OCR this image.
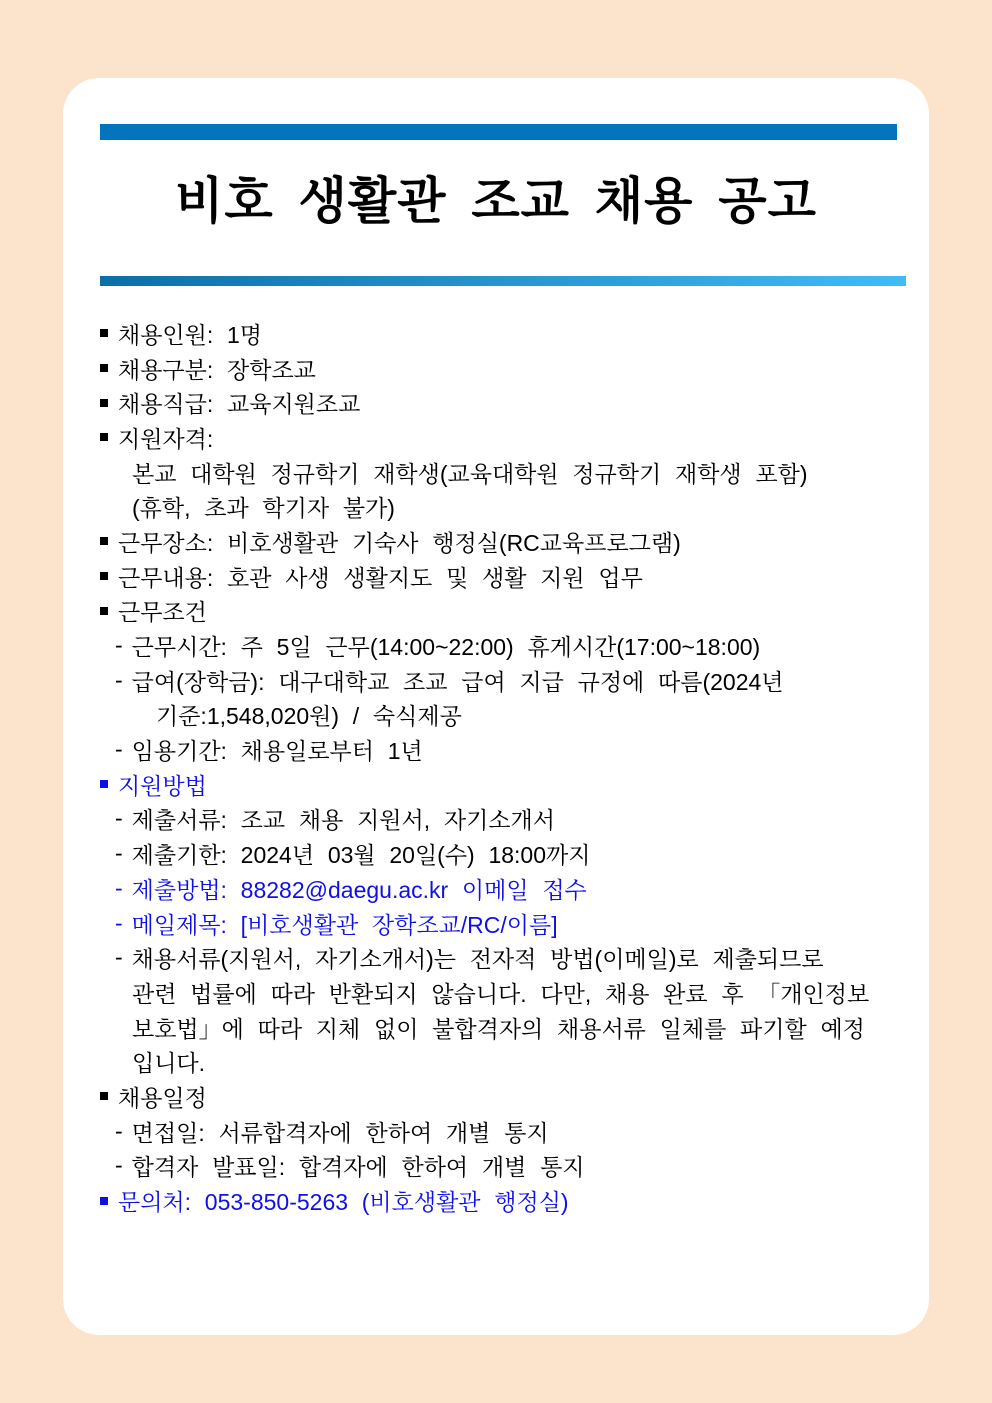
비호 생활관 조교 채용 공고
채용인원: 1명
채용구분: 장학조교
채용직급: 교육지원조교
지원자격:
본교 대학원 정규학기 재학생(교육대학원 정규학기 재학생 포함)
(휴학, 초과 학기자 불가)
근무장소: 비호생활관 기숙사 행정실(RC교육프로그램)
근무내용: 호관 사생 생활지도 및 생활 지원 업무
근무조건
- 근무시간: 주 5일 근무(14:00~22:00) 휴게시간(17:00~18:00)
- 급여(장학금): 대구대학교 조교 급여 지급 규정에 따름(2024년
기준:1,548,020원) / 숙식제공
- 임용기간: 채용일로부터 1년
지원방법
- 제출서류: 조교 채용 지원서, 자기소개서
- 제출기한: 2024년 03월 20일(수) 18:00까지
- 제출방법: 88282@daegu.ac.kr 이메일 접수
- 메일제목: [비호생활관 장학조교/RC/이름]
- 채용서류(지원서, 자기소개서)는 전자적 방법(이메일)로 제출되므로
관련 법률에 따라 반환되지 않습니다. 다만, 채용 완료 후 「개인정보
보호법」에 따라 지체 없이 불합격자의 채용서류 일체를 파기할 예정
입니다.
채용일정
- 면접일: 서류합격자에 한하여 개별 통지
- 합격자 발표일: 합격자에 한하여 개별 통지
문의처: 053-850-5263 (비호생활관 행정실)
